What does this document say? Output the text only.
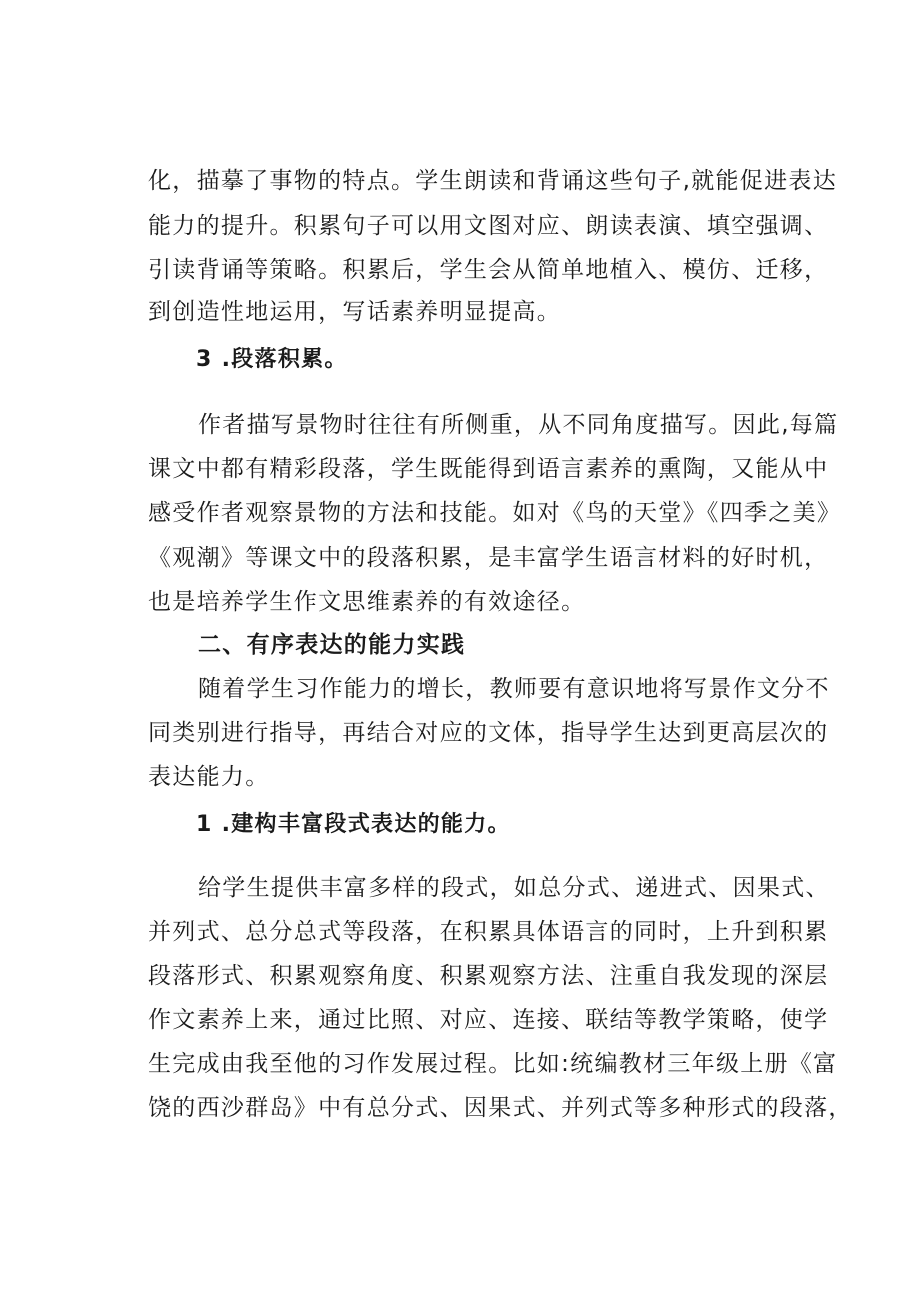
化，描摹了事物的特点。学生朗读和背诵这些句子,就能促进表达
能力的提升。积累句子可以用文图对应、朗读表演、填空强调、
引读背诵等策略。积累后，学生会从简单地植入、模仿、迁移，
到创造性地运用，写话素养明显提高。
3 .段落积累。
作者描写景物时往往有所侧重，从不同角度描写。因此,每篇
课文中都有精彩段落，学生既能得到语言素养的熏陶，又能从中
感受作者观察景物的方法和技能。如对《鸟的天堂》《四季之美》
《观潮》等课文中的段落积累，是丰富学生语言材料的好时机，
也是培养学生作文思维素养的有效途径。
二、有序表达的能力实践
随着学生习作能力的增长，教师要有意识地将写景作文分不
同类别进行指导，再结合对应的文体，指导学生达到更高层次的
表达能力。
1 .建构丰富段式表达的能力。
给学生提供丰富多样的段式，如总分式、递进式、因果式、
并列式、总分总式等段落，在积累具体语言的同时，上升到积累
段落形式、积累观察角度、积累观察方法、注重自我发现的深层
作文素养上来，通过比照、对应、连接、联结等教学策略，使学
生完成由我至他的习作发展过程。比如:统编教材三年级上册《富
饶的西沙群岛》中有总分式、因果式、并列式等多种形式的段落，
